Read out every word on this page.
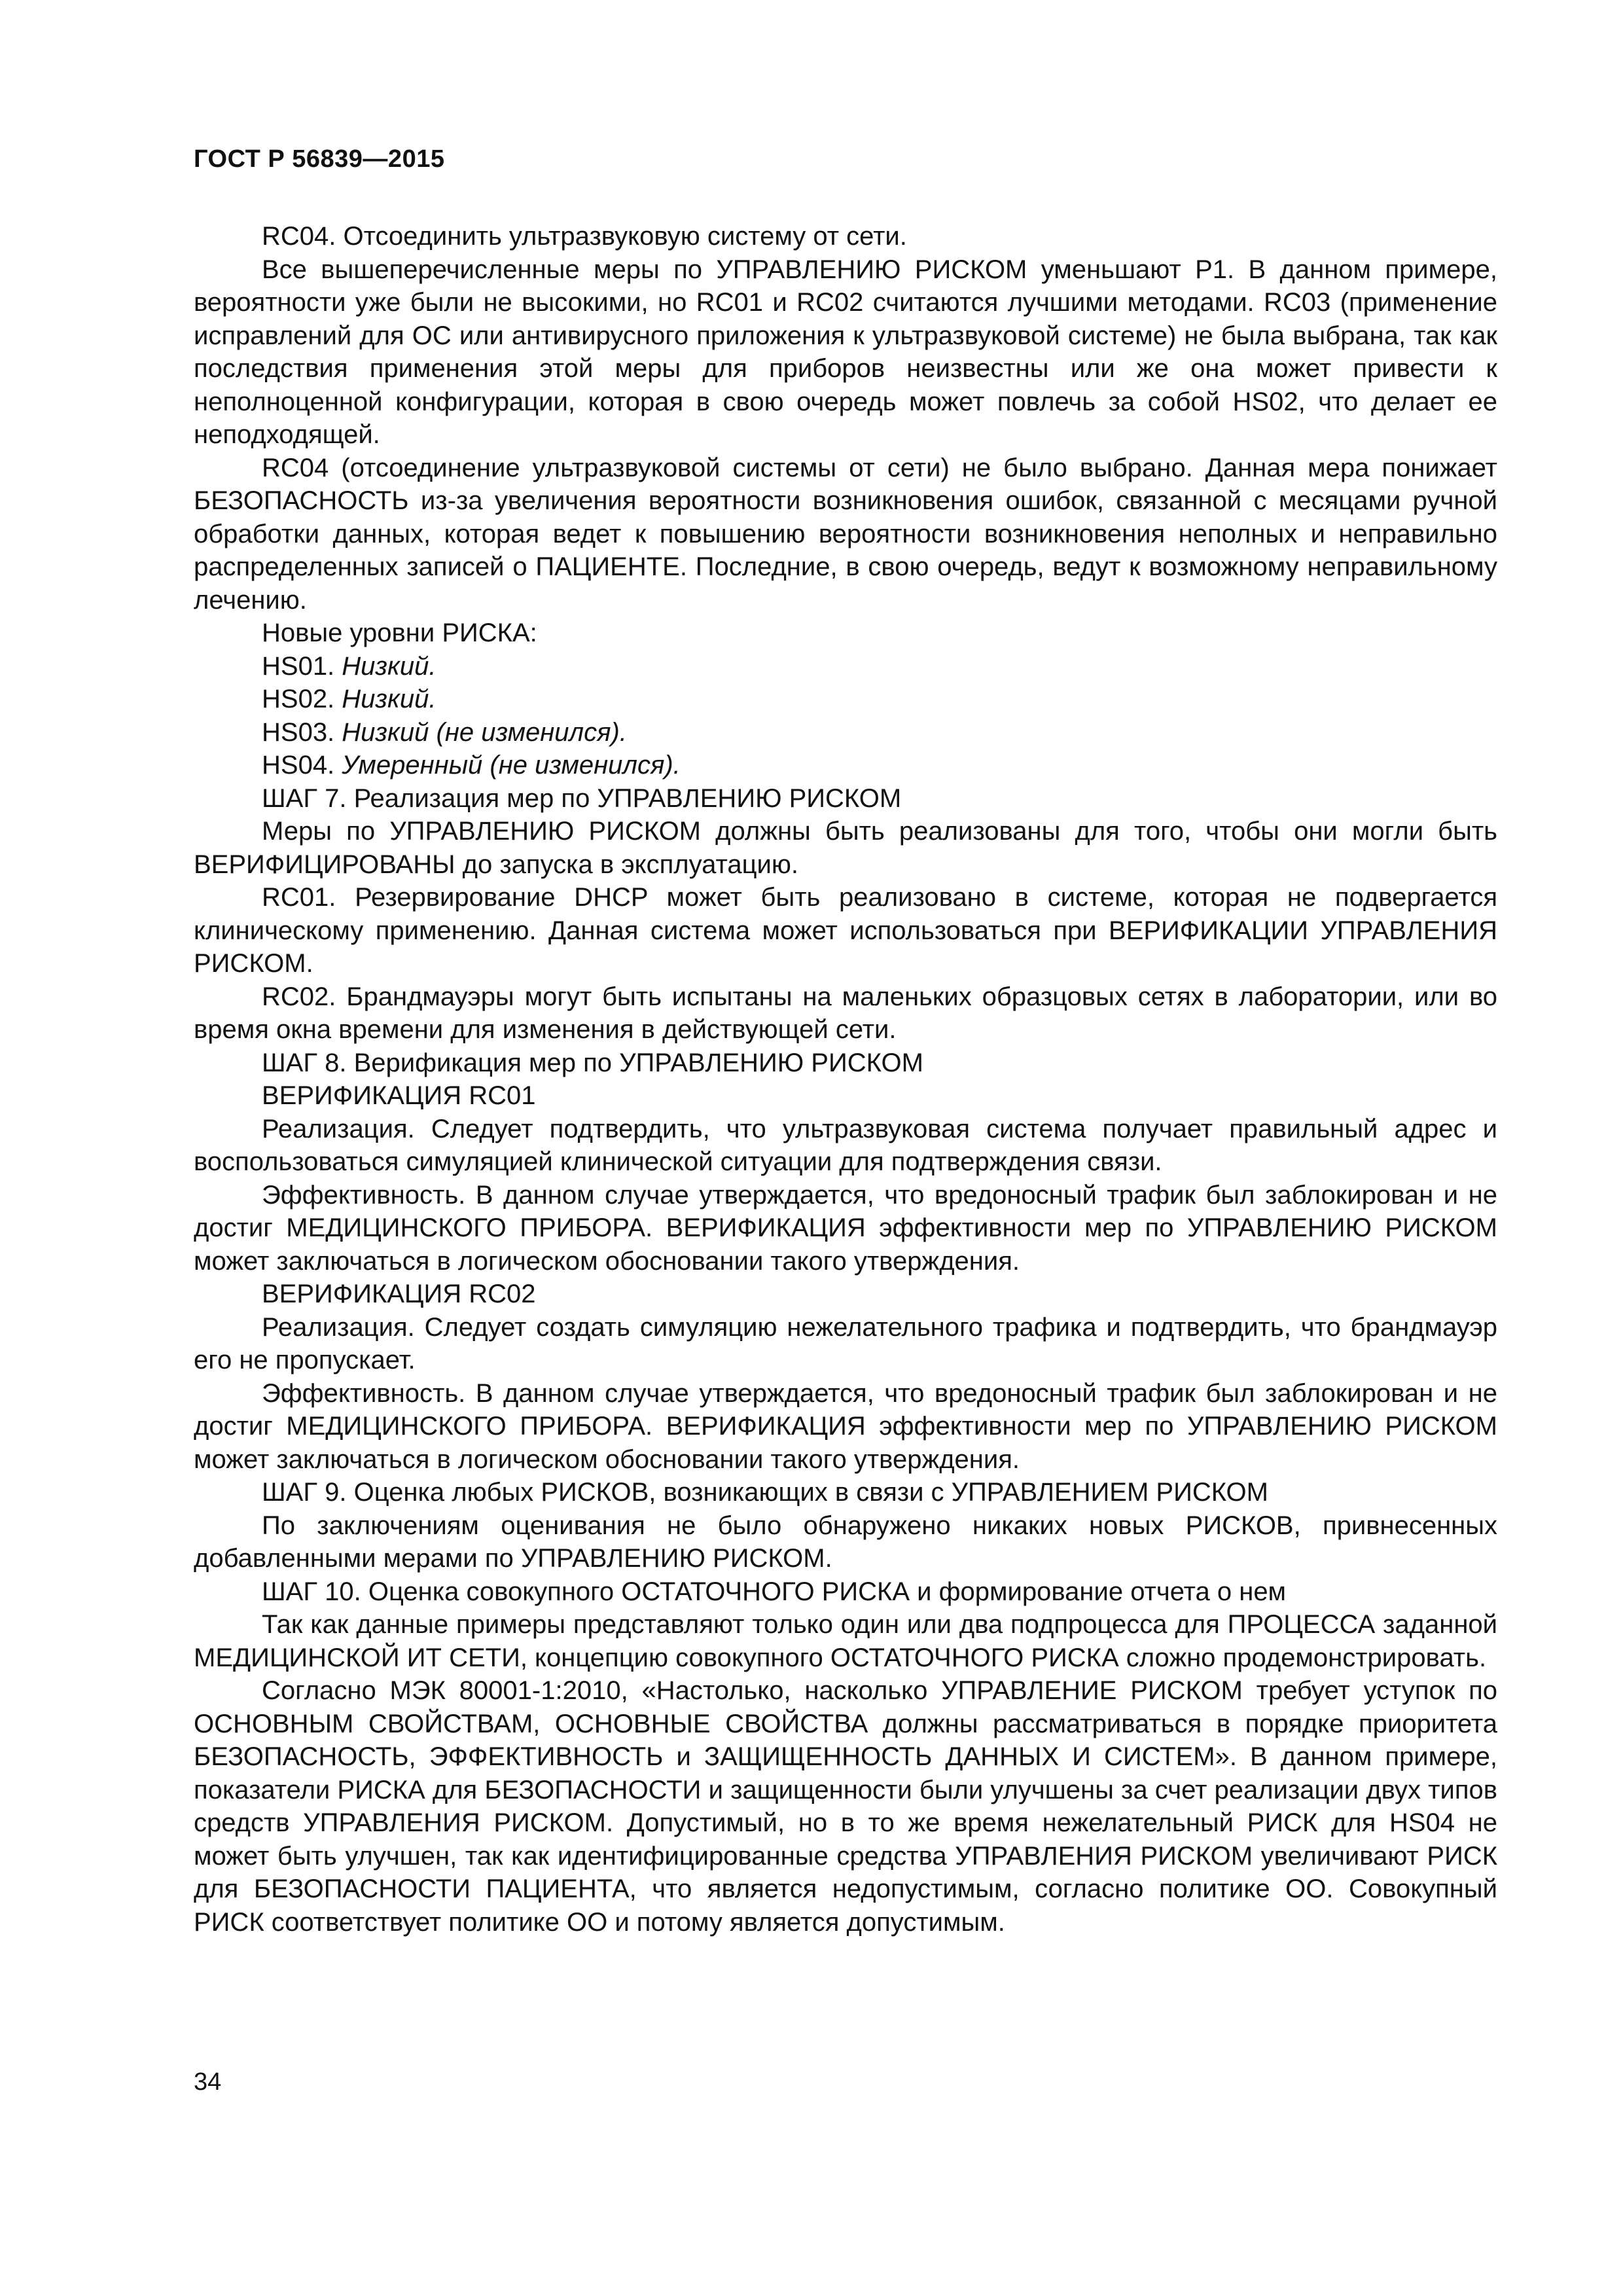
ГОСТ Р 56839—2015

RC04. Отсоединить ультразвуковую систему от сети.

Все вышеперечисленные меры по УПРАВЛЕНИЮ РИСКОМ уменьшают Р1. В данном примере, вероятности уже были не высокими, но RC01 и RC02 считаются лучшими методами. RC03 (применение исправлений для ОС или антивирусного приложения к ультразвуковой системе) не была выбрана, так как последствия применения этой меры для приборов неизвестны или же она может привести к неполноценной конфигурации, которая в свою очередь может повлечь за собой HS02, что делает ее неподходящей.

RC04 (отсоединение ультразвуковой системы от сети) не было выбрано. Данная мера понижает БЕЗОПАСНОСТЬ из-за увеличения вероятности возникновения ошибок, связанной с месяцами ручной обработки данных, которая ведет к повышению вероятности возникновения неполных и неправильно распределенных записей о ПАЦИЕНТЕ. Последние, в свою очередь, ведут к возможному неправильному лечению.

Новые уровни РИСКА:

HS01. Низкий.

HS02. Низкий.

HS03. Низкий (не изменился).

HS04. Умеренный (не изменился).

ШАГ 7. Реализация мер по УПРАВЛЕНИЮ РИСКОМ

Меры по УПРАВЛЕНИЮ РИСКОМ должны быть реализованы для того, чтобы они могли быть ВЕРИФИЦИРОВАНЫ до запуска в эксплуатацию.

RC01. Резервирование DHCP может быть реализовано в системе, которая не подвергается клиническому применению. Данная система может использоваться при ВЕРИФИКАЦИИ УПРАВЛЕНИЯ РИСКОМ.

RC02. Брандмауэры могут быть испытаны на маленьких образцовых сетях в лаборатории, или во время окна времени для изменения в действующей сети.

ШАГ 8. Верификация мер по УПРАВЛЕНИЮ РИСКОМ

ВЕРИФИКАЦИЯ RC01

Реализация. Следует подтвердить, что ультразвуковая система получает правильный адрес и воспользоваться симуляцией клинической ситуации для подтверждения связи.

Эффективность. В данном случае утверждается, что вредоносный трафик был заблокирован и не достиг МЕДИЦИНСКОГО ПРИБОРА. ВЕРИФИКАЦИЯ эффективности мер по УПРАВЛЕНИЮ РИСКОМ может заключаться в логическом обосновании такого утверждения.

ВЕРИФИКАЦИЯ RC02

Реализация. Следует создать симуляцию нежелательного трафика и подтвердить, что брандмауэр его не пропускает.

Эффективность. В данном случае утверждается, что вредоносный трафик был заблокирован и не достиг МЕДИЦИНСКОГО ПРИБОРА. ВЕРИФИКАЦИЯ эффективности мер по УПРАВЛЕНИЮ РИСКОМ может заключаться в логическом обосновании такого утверждения.

ШАГ 9. Оценка любых РИСКОВ, возникающих в связи с УПРАВЛЕНИЕМ РИСКОМ

По заключениям оценивания не было обнаружено никаких новых РИСКОВ, привнесенных добавленными мерами по УПРАВЛЕНИЮ РИСКОМ.

ШАГ 10. Оценка совокупного ОСТАТОЧНОГО РИСКА и формирование отчета о нем

Так как данные примеры представляют только один или два подпроцесса для ПРОЦЕССА заданной МЕДИЦИНСКОЙ ИТ СЕТИ, концепцию совокупного ОСТАТОЧНОГО РИСКА сложно продемонстрировать.

Согласно МЭК 80001-1:2010, «Настолько, насколько УПРАВЛЕНИЕ РИСКОМ требует уступок по ОСНОВНЫМ СВОЙСТВАМ, ОСНОВНЫЕ СВОЙСТВА должны рассматриваться в порядке приоритета БЕЗОПАСНОСТЬ, ЭФФЕКТИВНОСТЬ и ЗАЩИЩЕННОСТЬ ДАННЫХ И СИСТЕМ». В данном примере, показатели РИСКА для БЕЗОПАСНОСТИ и защищенности были улучшены за счет реализации двух типов средств УПРАВЛЕНИЯ РИСКОМ. Допустимый, но в то же время нежелательный РИСК для HS04 не может быть улучшен, так как идентифицированные средства УПРАВЛЕНИЯ РИСКОМ увеличивают РИСК для БЕЗОПАСНОСТИ ПАЦИЕНТА, что является недопустимым, согласно политике ОО. Совокупный РИСК соответствует политике ОО и потому является допустимым.

34
